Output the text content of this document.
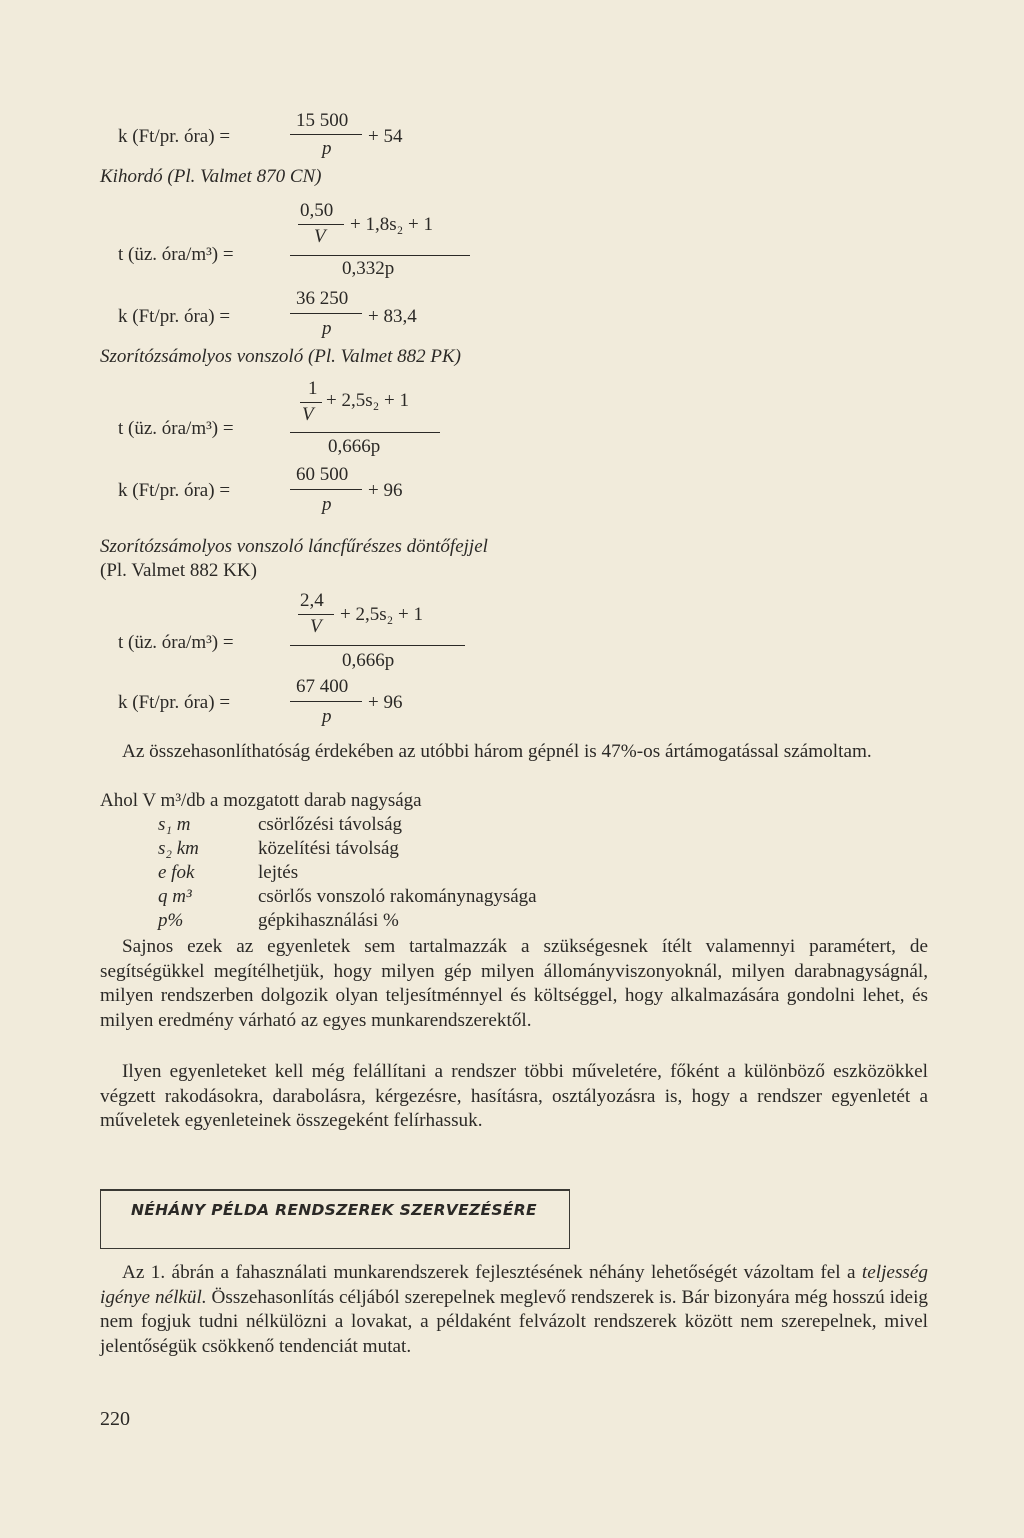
k (Ft/pr. óra) =
15 500
p
+ 54
Kihordó (Pl. Valmet 870 CN)
0,50
V
+ 1,8s₂ + 1
t (üz. óra/m³) =
0,332p
k (Ft/pr. óra) =
36 250
p
+ 83,4
Szorítózsámolyos vonszoló (Pl. Valmet 882 PK)
1
V
+ 2,5s₂ + 1
t (üz. óra/m³) =
0,666p
k (Ft/pr. óra) =
60 500
p
+ 96
Szorítózsámolyos vonszoló láncfűrészes döntőfejjel
(Pl. Valmet 882 KK)
2,4
V
+ 2,5s₂ + 1
t (üz. óra/m³) =
0,666p
k (Ft/pr. óra) =
67 400
p
+ 96

Az összehasonlíthatóság érdekében az utóbbi három gépnél is 47%-os ártámogatással számoltam.

Ahol V m³/db a mozgatott darab nagysága
s₁ m	csörlőzési távolság
s₂ km	közelítési távolság
e fok	lejtés
q m³	csörlős vonszoló rakománynagysága
p%	gépkihasználási %

Sajnos ezek az egyenletek sem tartalmazzák a szükségesnek ítélt valamennyi paramétert, de segítségükkel megítélhetjük, hogy milyen gép milyen állományviszonyoknál, milyen darabnagyságnál, milyen rendszerben dolgozik olyan teljesítménnyel és költséggel, hogy alkalmazására gondolni lehet, és milyen eredmény várható az egyes munkarendszerektől.

Ilyen egyenleteket kell még felállítani a rendszer többi műveletére, főként a különböző eszközökkel végzett rakodásokra, darabolásra, kérgezésre, hasításra, osztályozásra is, hogy a rendszer egyenletét a műveletek egyenleteinek összegeként felírhassuk.

NÉHÁNY PÉLDA RENDSZEREK SZERVEZÉSÉRE

Az 1. ábrán a fahasználati munkarendszerek fejlesztésének néhány lehetőségét vázoltam fel a teljesség igénye nélkül. Összehasonlítás céljából szerepelnek meglevő rendszerek is. Bár bizonyára még hosszú ideig nem fogjuk tudni nélkülözni a lovakat, a példaként felvázolt rendszerek között nem szerepelnek, mivel jelentőségük csökkenő tendenciát mutat.

220
